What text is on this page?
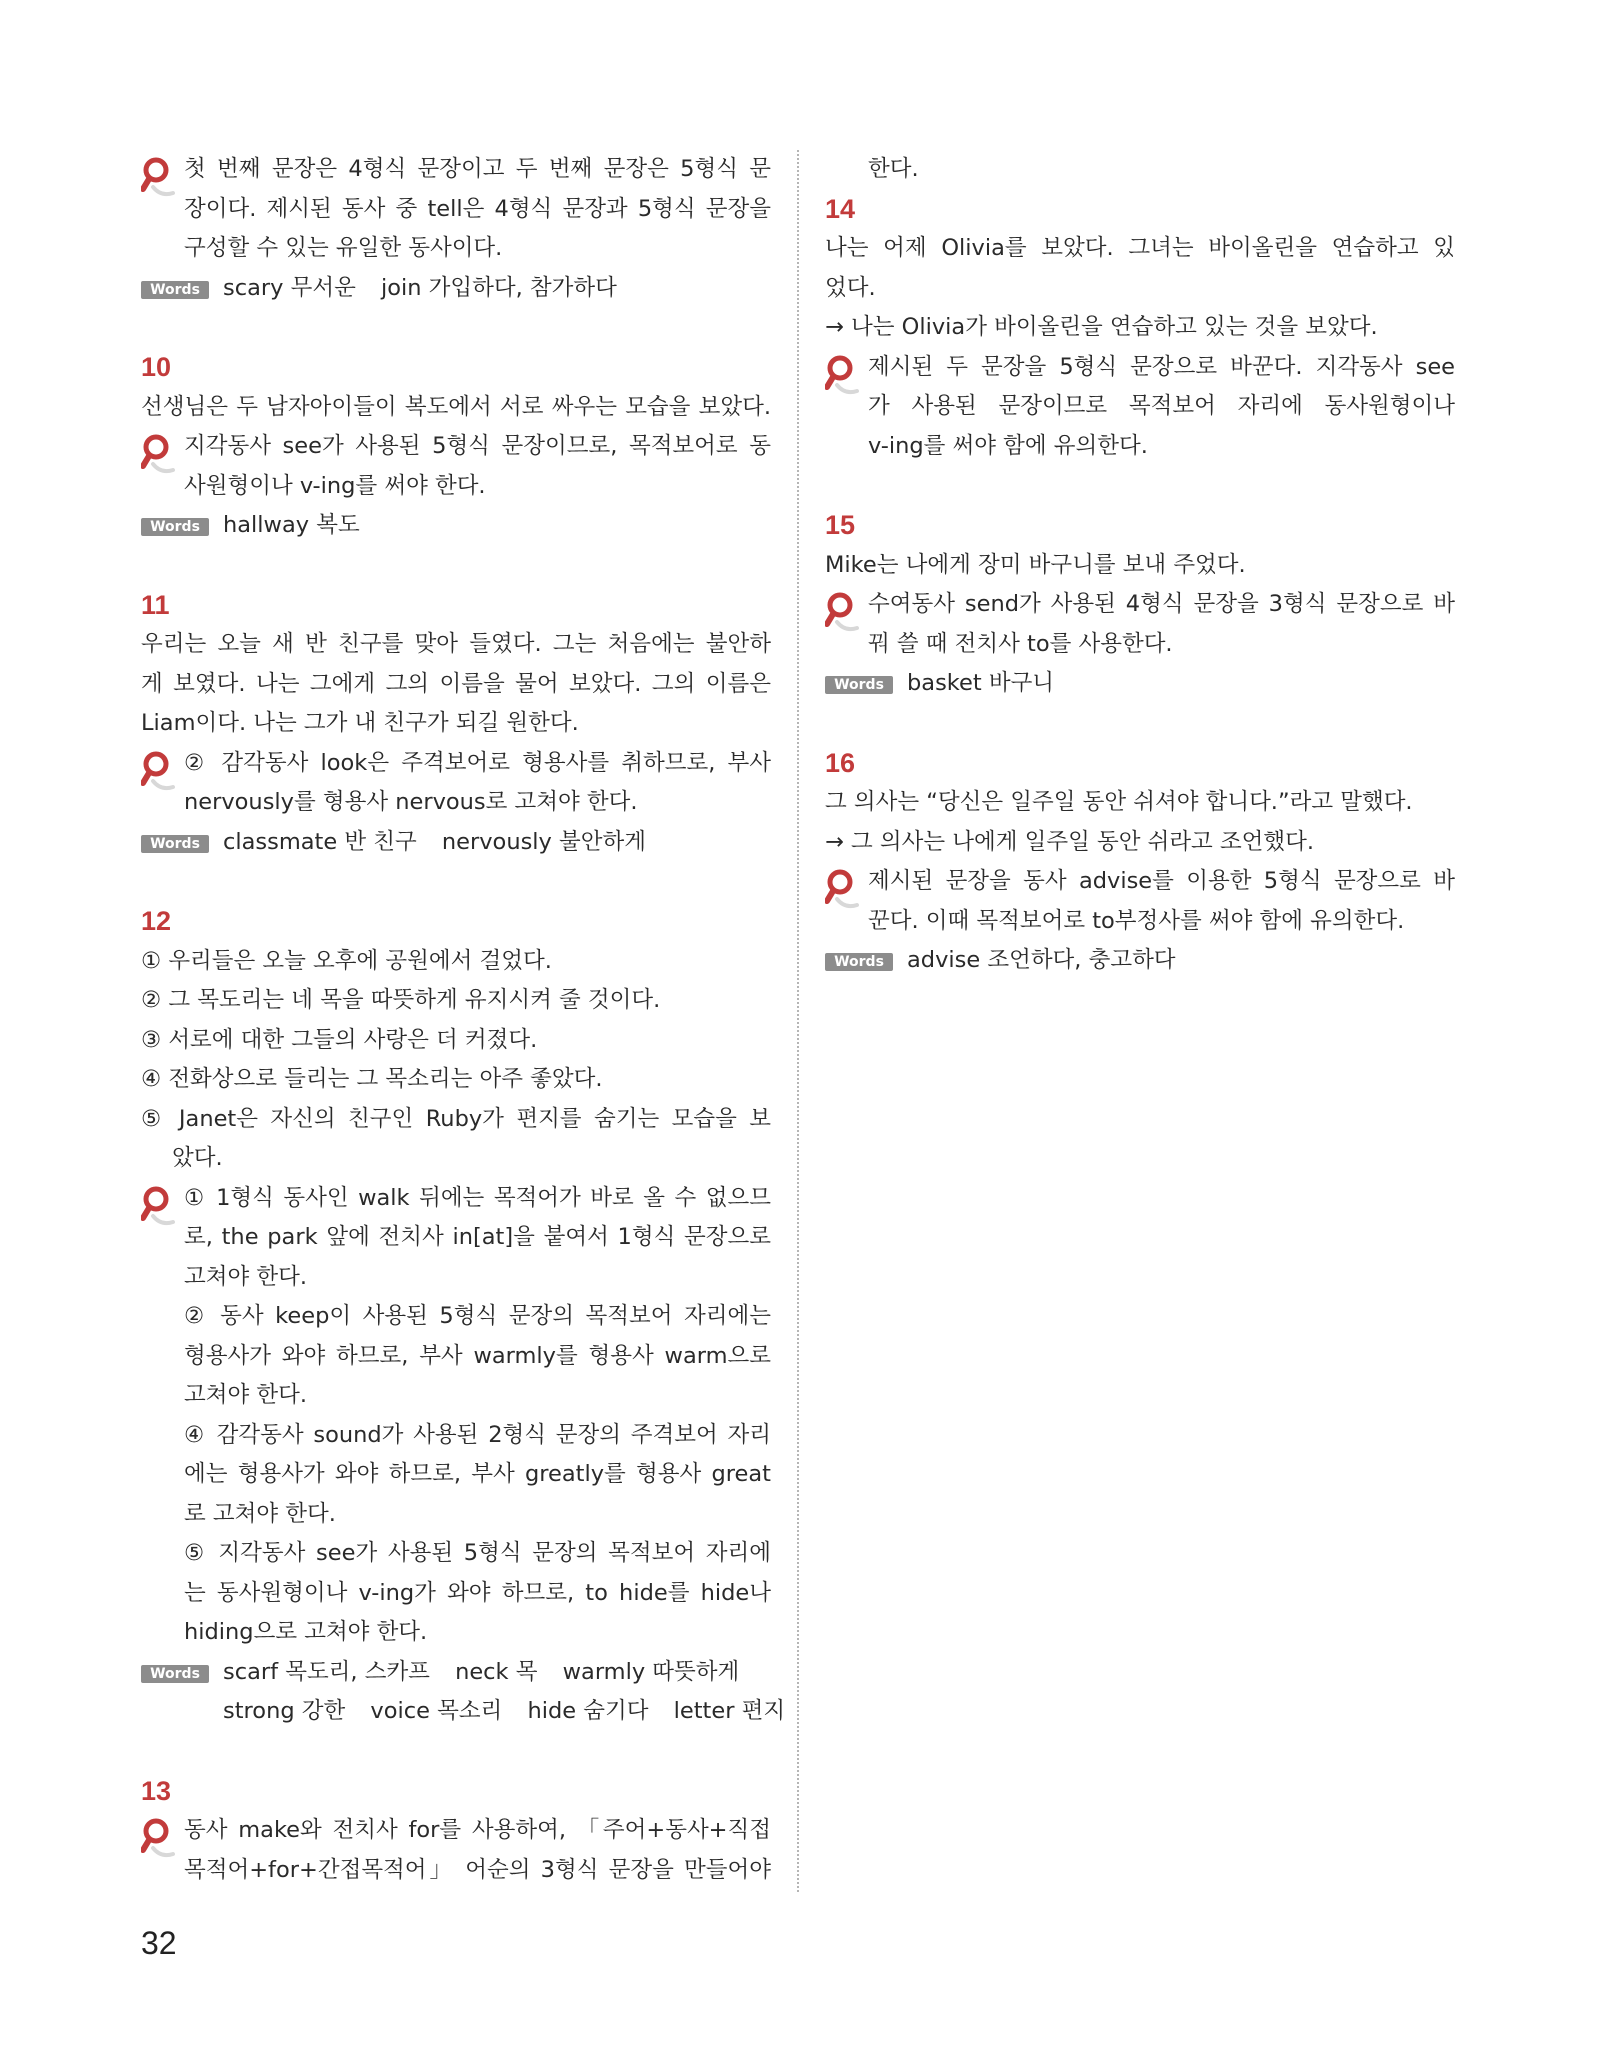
첫 번째 문장은 4형식 문장이고 두 번째 문장은 5형식 문
장이다. 제시된 동사 중 tell은 4형식 문장과 5형식 문장을
구성할 수 있는 유일한 동사이다.
Words	scary 무서운 join 가입하다, 참가하다
10
선생님은 두 남자아이들이 복도에서 서로 싸우는 모습을 보았다.
지각동사 see가 사용된 5형식 문장이므로, 목적보어로 동
사원형이나 v-ing를 써야 한다.
Words	hallway 복도
11
우리는 오늘 새 반 친구를 맞아 들였다. 그는 처음에는 불안하
게 보였다. 나는 그에게 그의 이름을 물어 보았다. 그의 이름은
Liam이다. 나는 그가 내 친구가 되길 원한다.
② 감각동사 look은 주격보어로 형용사를 취하므로, 부사
nervously를 형용사 nervous로 고쳐야 한다.
Words	classmate 반 친구 nervously 불안하게
12
① 우리들은 오늘 오후에 공원에서 걸었다.
② 그 목도리는 네 목을 따뜻하게 유지시켜 줄 것이다.
③ 서로에 대한 그들의 사랑은 더 커졌다.
④ 전화상으로 들리는 그 목소리는 아주 좋았다.
⑤ Janet은 자신의 친구인 Ruby가 편지를 숨기는 모습을 보
았다.
① 1형식 동사인 walk 뒤에는 목적어가 바로 올 수 없으므
로, the park 앞에 전치사 in[at]을 붙여서 1형식 문장으로
고쳐야 한다.
② 동사 keep이 사용된 5형식 문장의 목적보어 자리에는
형용사가 와야 하므로, 부사 warmly를 형용사 warm으로
고쳐야 한다.
④ 감각동사 sound가 사용된 2형식 문장의 주격보어 자리
에는 형용사가 와야 하므로, 부사 greatly를 형용사 great
로 고쳐야 한다.
⑤ 지각동사 see가 사용된 5형식 문장의 목적보어 자리에
는 동사원형이나 v-ing가 와야 하므로, to hide를 hide나
hiding으로 고쳐야 한다.
Words	scarf 목도리, 스카프 neck 목 warmly 따뜻하게
strong 강한 voice 목소리 hide 숨기다 letter 편지
13
동사 make와 전치사 for를 사용하여, 「주어+동사+직접
목적어+for+간접목적어」 어순의 3형식 문장을 만들어야
한다.
14
나는 어제 Olivia를 보았다. 그녀는 바이올린을 연습하고 있
었다.
→ 나는 Olivia가 바이올린을 연습하고 있는 것을 보았다.
제시된 두 문장을 5형식 문장으로 바꾼다. 지각동사 see
가 사용된 문장이므로 목적보어 자리에 동사원형이나
v-ing를 써야 함에 유의한다.
15
Mike는 나에게 장미 바구니를 보내 주었다.
수여동사 send가 사용된 4형식 문장을 3형식 문장으로 바
꿔 쓸 때 전치사 to를 사용한다.
Words	basket 바구니
16
그 의사는 “당신은 일주일 동안 쉬셔야 합니다.”라고 말했다.
→ 그 의사는 나에게 일주일 동안 쉬라고 조언했다.
제시된 문장을 동사 advise를 이용한 5형식 문장으로 바
꾼다. 이때 목적보어로 to부정사를 써야 함에 유의한다.
Words	advise 조언하다, 충고하다
32
